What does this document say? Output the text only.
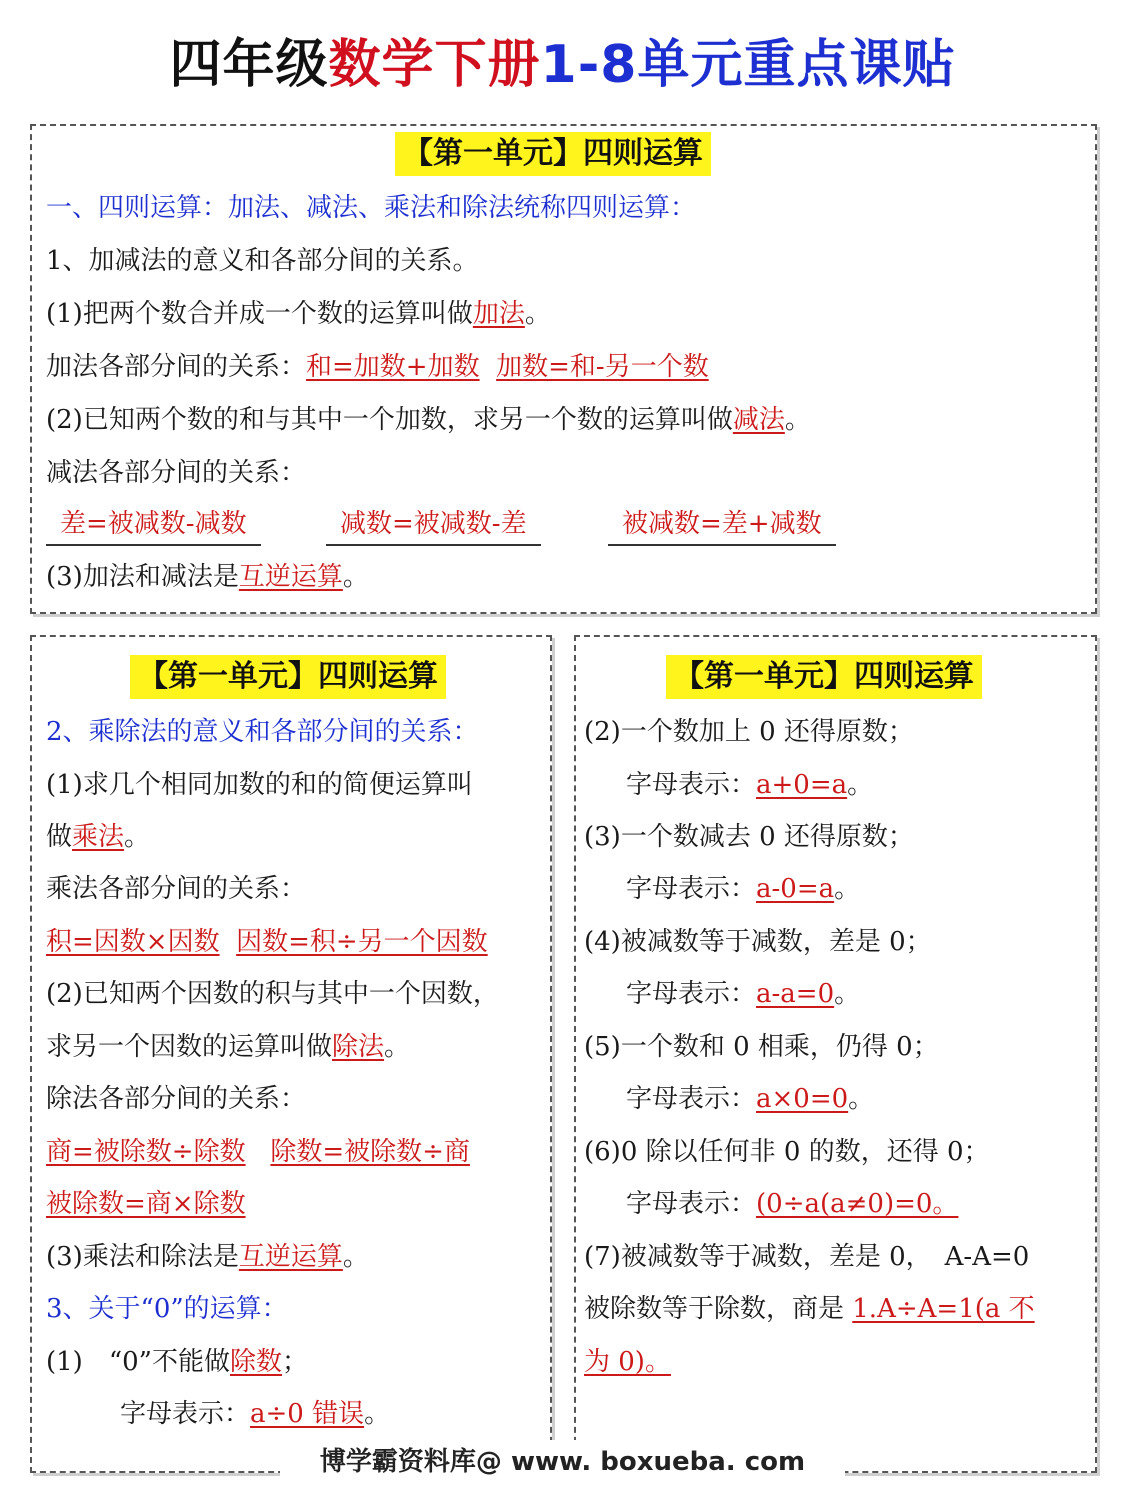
四年级数学下册1-8单元重点课贴
【第一单元】四则运算
一、四则运算：加法、减法、乘法和除法统称四则运算：
1、加减法的意义和各部分间的关系。
(1)把两个数合并成一个数的运算叫做加法。
加法各部分间的关系：和=加数+加数 加数=和-另一个数
(2)已知两个数的和与其中一个加数，求另一个数的运算叫做减法。
减法各部分间的关系：
差=被减数-减数	减数=被减数-差	被减数=差+减数
(3)加法和减法是互逆运算。
【第一单元】四则运算
2、乘除法的意义和各部分间的关系：
(1)求几个相同加数的和的简便运算叫
做乘法。
乘法各部分间的关系：
积=因数×因数 因数=积÷另一个因数
(2)已知两个因数的积与其中一个因数，
求另一个因数的运算叫做除法。
除法各部分间的关系：
商=被除数÷除数 除数=被除数÷商
被除数=商×除数
(3)乘法和除法是互逆运算。
3、关于“0”的运算：
(1)　“0”不能做除数；
字母表示：a÷0 错误。
【第一单元】四则运算
(2)一个数加上 0 还得原数；
字母表示：a+0=a。
(3)一个数减去 0 还得原数；
字母表示：a-0=a。
(4)被减数等于减数，差是 0；
字母表示：a-a=0。
(5)一个数和 0 相乘，仍得 0；
字母表示：a×0=0。
(6)0 除以任何非 0 的数，还得 0；
字母表示：(0÷a(a≠0)=0。
(7)被减数等于减数，差是 0，　A-A=0
被除数等于除数，商是 1.A÷A=1(a 不
为 0)。
博学霸资料库@ www. boxueba. com
